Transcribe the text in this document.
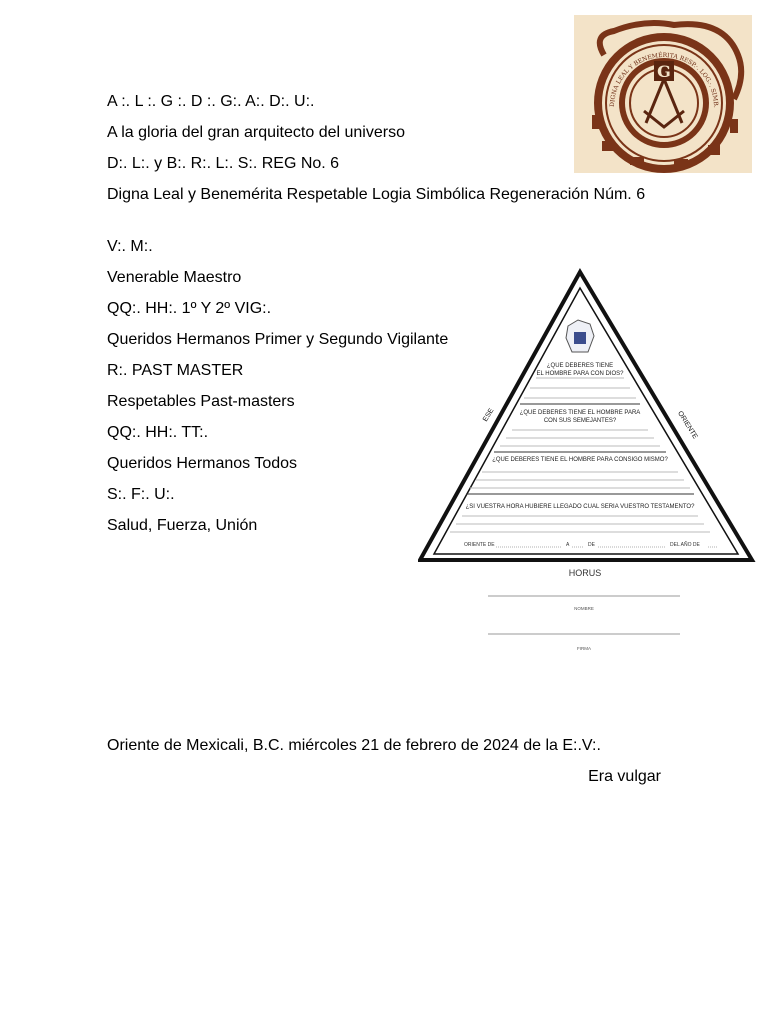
A :. L :. G :. D :. G:. A:. D:. U:.
A la gloria del gran arquitecto del universo
D:. L:. y B:. R:. L:. S:. REG No. 6
Digna Leal y Benemérita Respetable Logia Simbólica Regeneración Núm. 6
V:. M:.
Venerable Maestro
QQ:. HH:. 1º Y 2º VIG:.
Queridos Hermanos Primer y Segundo Vigilante
R:. PAST MASTER
Respetables Past-masters
QQ:. HH:. TT:.
Queridos Hermanos Todos
S:. F:. U:.
Salud, Fuerza, Unión
Oriente de Mexicali, B.C. miércoles 21 de febrero de 2024 de la E:.V:.
Era vulgar
G
DIGNA LEAL Y BENEMÉRITA RESP.·. LOG.·. SIMB.
¿QUE DEBERES TIENE
EL HOMBRE PARA CON DIOS?
¿QUE DEBERES TIENE EL HOMBRE PARA
CON SUS SEMEJANTES?
¿QUE DEBERES TIENE EL HOMBRE PARA CONSIGO MISMO?
¿SI VUESTRA HORA HUBIERE LLEGADO CUAL SERIA VUESTRO TESTAMENTO?
ESE	ORIENTE
ORIENTE DE	A	DE	DEL AÑO DE
HORUS
NOMBRE
FIRMA
